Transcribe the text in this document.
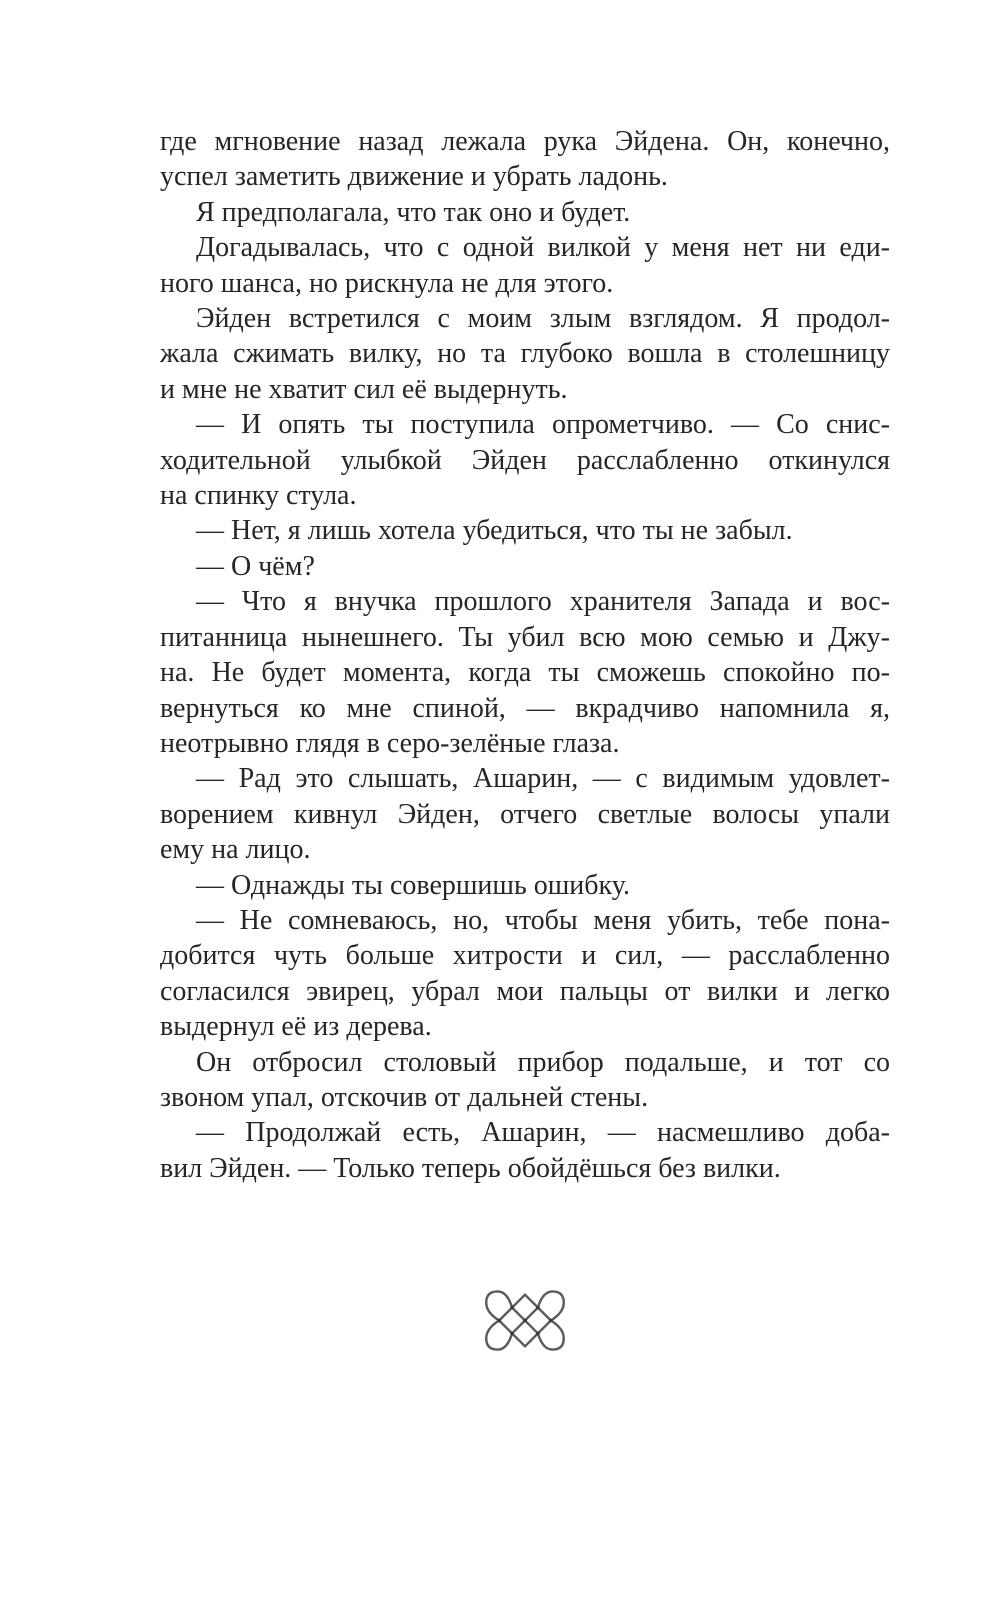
где мгновение назад лежала рука Эйдена. Он, конечно,
успел заметить движение и убрать ладонь.
Я предполагала, что так оно и будет.
Догадывалась, что с одной вилкой у меня нет ни еди-
ного шанса, но рискнула не для этого.
Эйден встретился с моим злым взглядом. Я продол-
жала сжимать вилку, но та глубоко вошла в столешницу
и мне не хватит сил её выдернуть.
— И опять ты поступила опрометчиво. — Со снис-
ходительной улыбкой Эйден расслабленно откинулся
на спинку стула.
— Нет, я лишь хотела убедиться, что ты не забыл.
— О чём?
— Что я внучка прошлого хранителя Запада и вос-
питанница нынешнего. Ты убил всю мою семью и Джу-
на. Не будет момента, когда ты сможешь спокойно по-
вернуться ко мне спиной, — вкрадчиво напомнила я,
неотрывно глядя в серо-зелёные глаза.
— Рад это слышать, Ашарин, — с видимым удовлет-
ворением кивнул Эйден, отчего светлые волосы упали
ему на лицо.
— Однажды ты совершишь ошибку.
— Не сомневаюсь, но, чтобы меня убить, тебе пона-
добится чуть больше хитрости и сил, — расслабленно
согласился эвирец, убрал мои пальцы от вилки и легко
выдернул её из дерева.
Он отбросил столовый прибор подальше, и тот со
звоном упал, отскочив от дальней стены.
— Продолжай есть, Ашарин, — насмешливо доба-
вил Эйден. — Только теперь обойдёшься без вилки.
